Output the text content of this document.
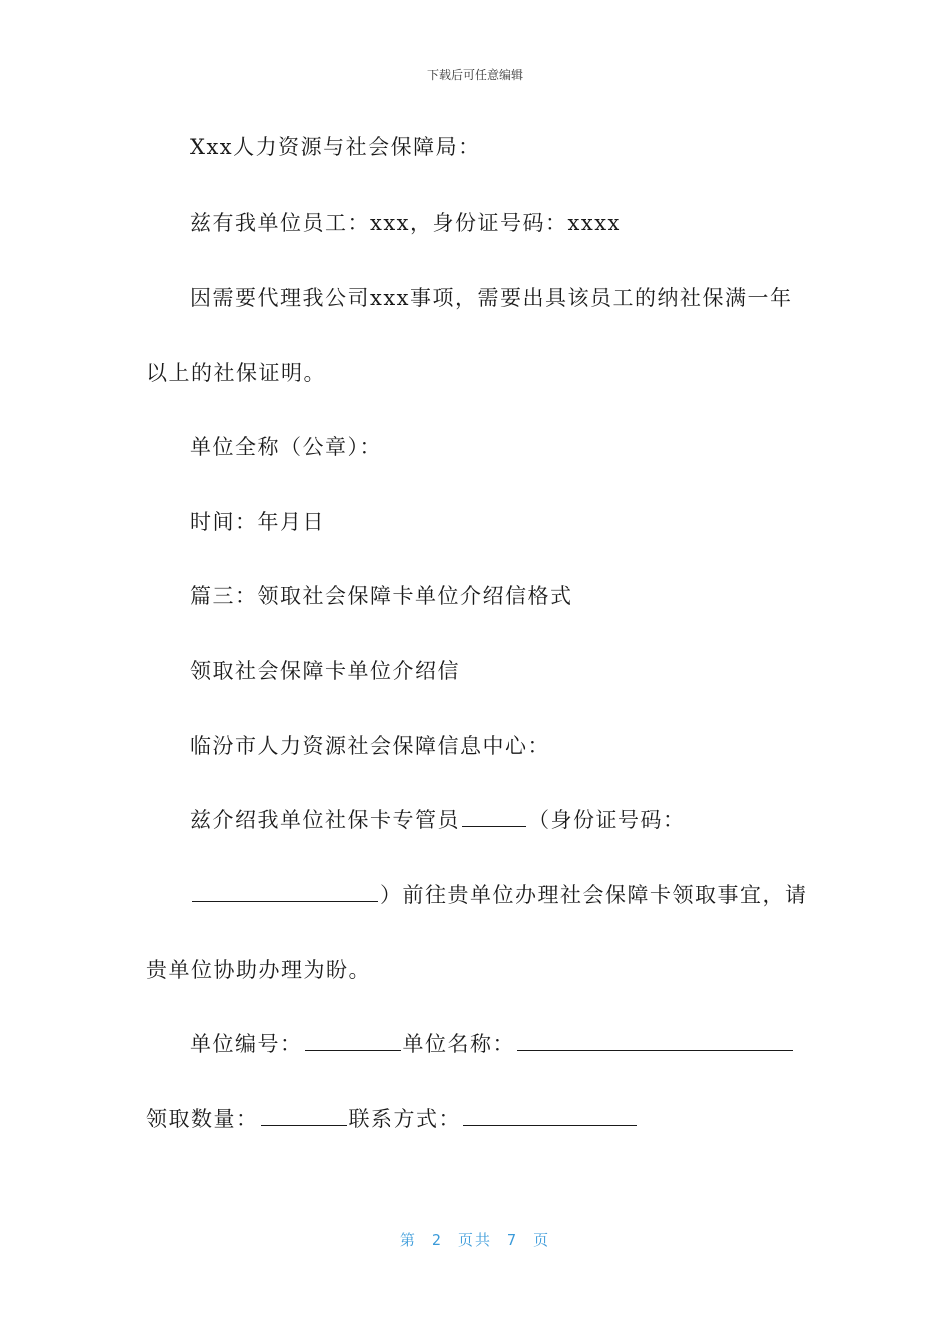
下载后可任意编辑
Xxx人力资源与社会保障局：
兹有我单位员工：xxx，身份证号码：xxxx
因需要代理我公司xxx事项，需要出具该员工的纳社保满一年
以上的社保证明。
单位全称（公章）：
时间：年月日
篇三：领取社会保障卡单位介绍信格式
领取社会保障卡单位介绍信
临汾市人力资源社会保障信息中心：
兹介绍我单位社保卡专管员	（身份证号码：
）前往贵单位办理社会保障卡领取事宜，请
贵单位协助办理为盼。
单位编号：	单位名称：
领取数量：	联系方式：
第 2 页共 7 页
